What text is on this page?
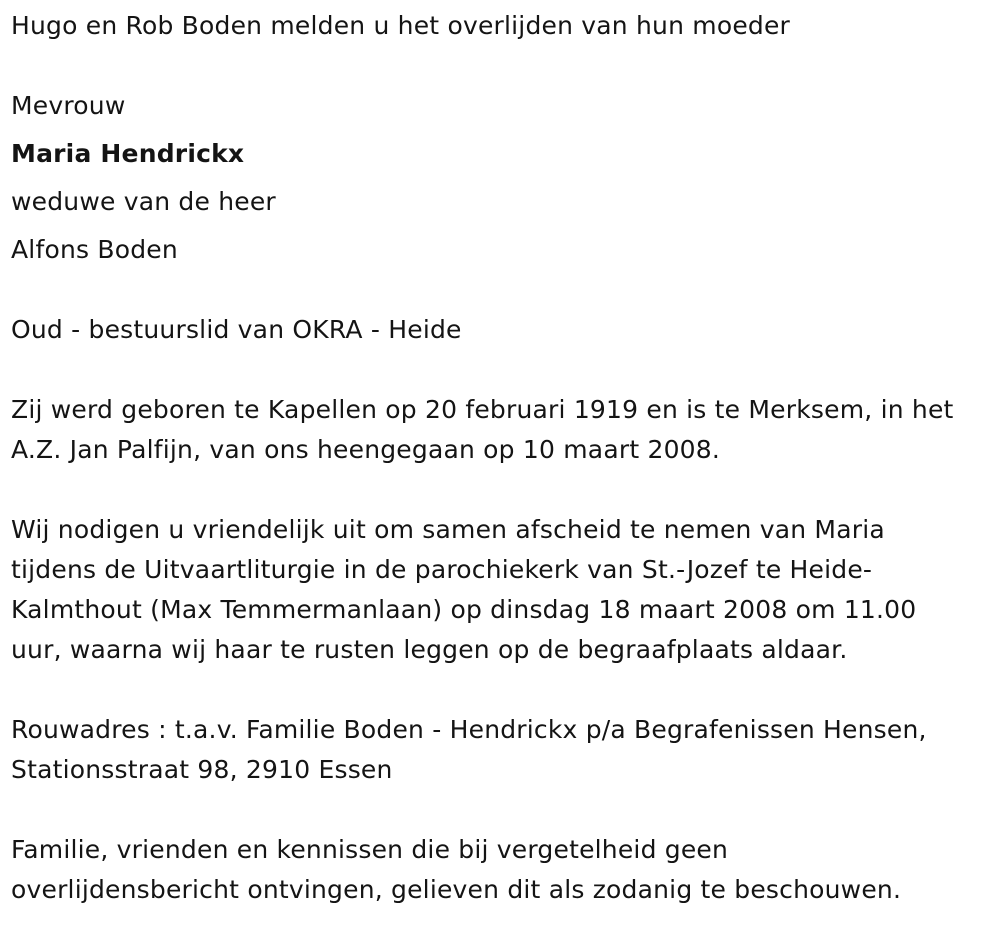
Hugo en Rob Boden melden u het overlijden van hun moeder
Mevrouw
Maria Hendrickx
weduwe van de heer
Alfons Boden
Oud - bestuurslid van OKRA - Heide
Zij werd geboren te Kapellen op 20 februari 1919 en is te Merksem, in het
A.Z. Jan Palfijn, van ons heengegaan op 10 maart 2008.
Wij nodigen u vriendelijk uit om samen afscheid te nemen van Maria
tijdens de Uitvaartliturgie in de parochiekerk van St.-Jozef te Heide-
Kalmthout (Max Temmermanlaan) op dinsdag 18 maart 2008 om 11.00
uur, waarna wij haar te rusten leggen op de begraafplaats aldaar.
Rouwadres : t.a.v. Familie Boden - Hendrickx p/a Begrafenissen Hensen,
Stationsstraat 98, 2910 Essen
Familie, vrienden en kennissen die bij vergetelheid geen
overlijdensbericht ontvingen, gelieven dit als zodanig te beschouwen.
